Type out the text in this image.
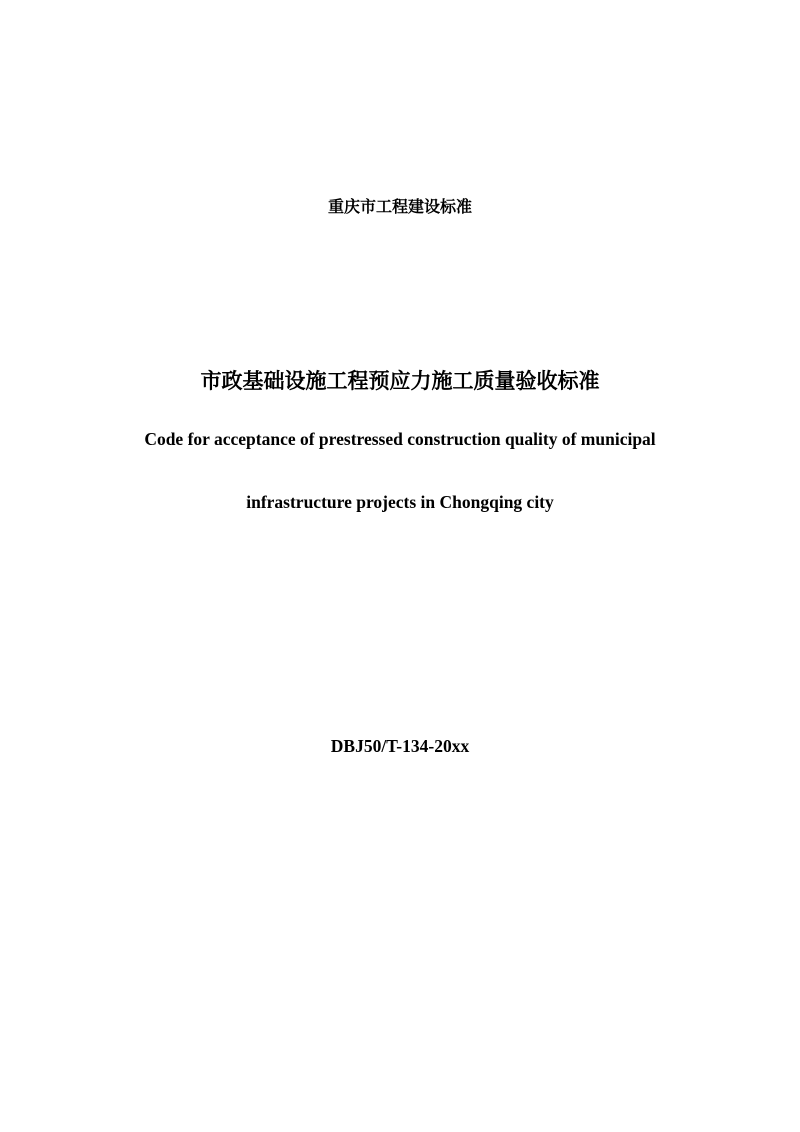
重庆市工程建设标准
市政基础设施工程预应力施工质量验收标准
Code for acceptance of prestressed construction quality of municipal
infrastructure projects in Chongqing city
DBJ50/T-134-20xx
